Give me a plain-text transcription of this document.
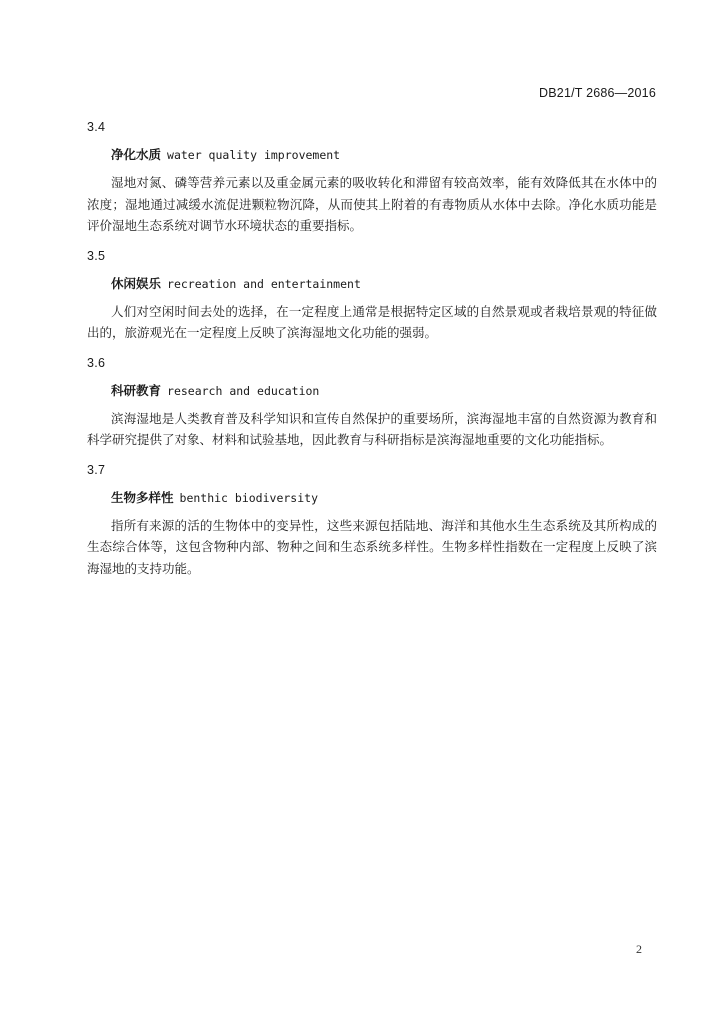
DB21/T 2686—2016
3.4
净化水质 water quality improvement

湿地对氮、磷等营养元素以及重金属元素的吸收转化和滞留有较高效率，能有效降低其在水体中的浓度；湿地通过减缓水流促进颗粒物沉降，从而使其上附着的有毒物质从水体中去除。净化水质功能是评价湿地生态系统对调节水环境状态的重要指标。

3.5
休闲娱乐 recreation and entertainment

人们对空闲时间去处的选择，在一定程度上通常是根据特定区域的自然景观或者栽培景观的特征做出的，旅游观光在一定程度上反映了滨海湿地文化功能的强弱。

3.6
科研教育 research and education

滨海湿地是人类教育普及科学知识和宣传自然保护的重要场所，滨海湿地丰富的自然资源为教育和科学研究提供了对象、材料和试验基地，因此教育与科研指标是滨海湿地重要的文化功能指标。

3.7
生物多样性 benthic biodiversity

指所有来源的活的生物体中的变异性，这些来源包括陆地、海洋和其他水生生态系统及其所构成的生态综合体等，这包含物种内部、物种之间和生态系统多样性。生物多样性指数在一定程度上反映了滨海湿地的支持功能。

2
